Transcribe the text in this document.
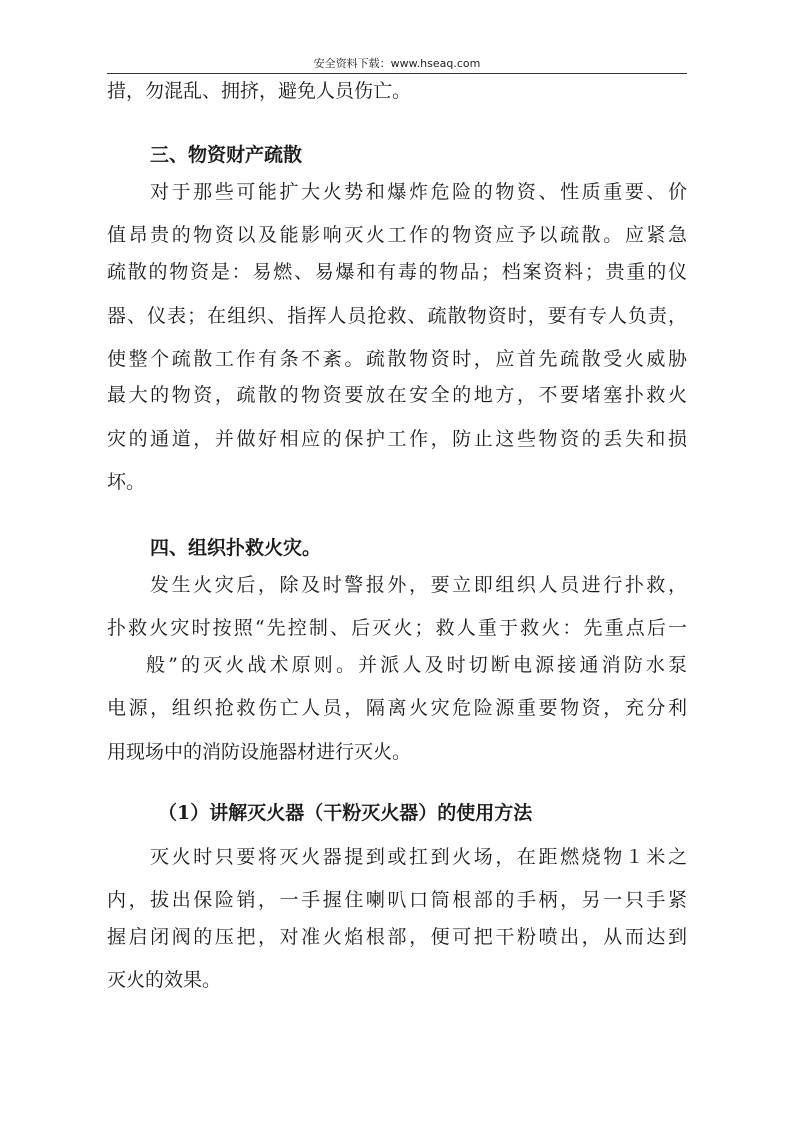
安全资料下载：www.hseaq.com
措，勿混乱、拥挤，避免人员伤亡。
三、物资财产疏散
对于那些可能扩大火势和爆炸危险的物资、性质重要、价
值昂贵的物资以及能影响灭火工作的物资应予以疏散。应紧急
疏散的物资是：易燃、易爆和有毒的物品；档案资料；贵重的仪
器、仪表；在组织、指挥人员抢救、疏散物资时，要有专人负责，
使整个疏散工作有条不紊。疏散物资时，应首先疏散受火威胁
最大的物资，疏散的物资要放在安全的地方，不要堵塞扑救火
灾的通道，并做好相应的保护工作，防止这些物资的丢失和损
坏。
四、组织扑救火灾。
发生火灾后，除及时警报外，要立即组织人员进行扑救，
扑救火灾时按照“先控制、后灭火；救人重于救火：先重点后一
般”的灭火战术原则。并派人及时切断电源接通消防水泵
电源，组织抢救伤亡人员，隔离火灾危险源重要物资，充分利
用现场中的消防设施器材进行灭火。
（1）讲解灭火器（干粉灭火器）的使用方法
灭火时只要将灭火器提到或扛到火场，在距燃烧物１米之
内，拔出保险销，一手握住喇叭口筒根部的手柄，另一只手紧
握启闭阀的压把，对准火焰根部，便可把干粉喷出，从而达到
灭火的效果。
